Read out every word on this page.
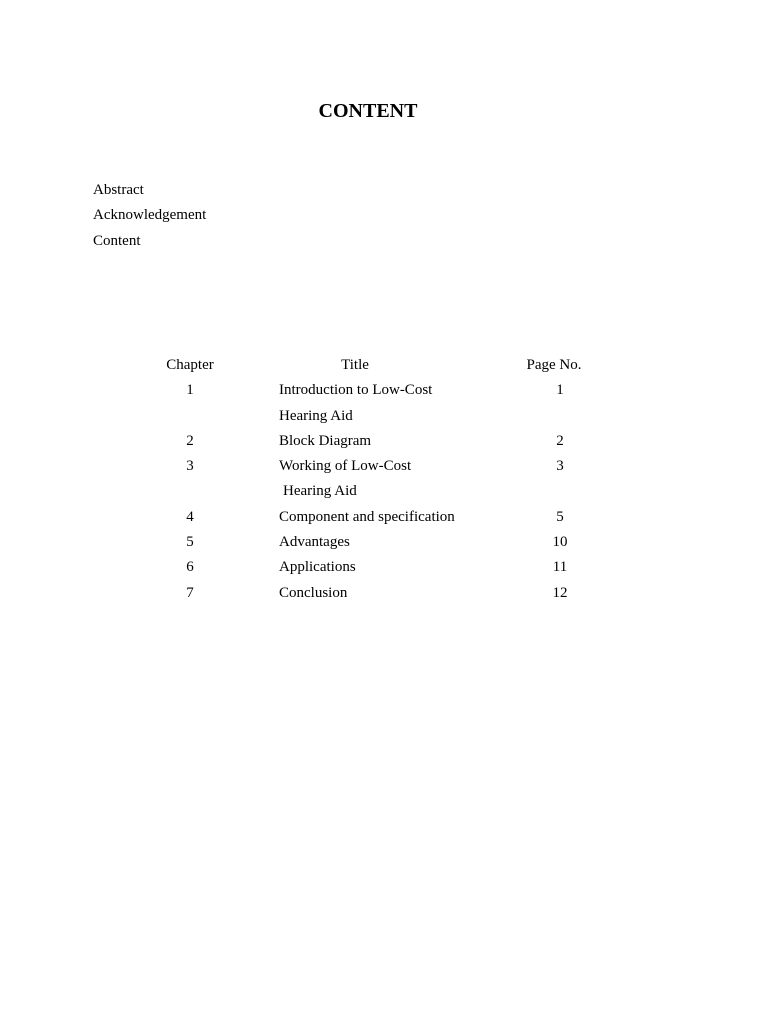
CONTENT
Abstract
Acknowledgement
Content
Chapter	Title	Page No.
1	Introduction to Low-Cost	1
Hearing Aid
2	Block Diagram	2
3	Working of Low-Cost	3
Hearing Aid
4	Component and specification	5
5	Advantages	10
6	Applications	11
7	Conclusion	12
